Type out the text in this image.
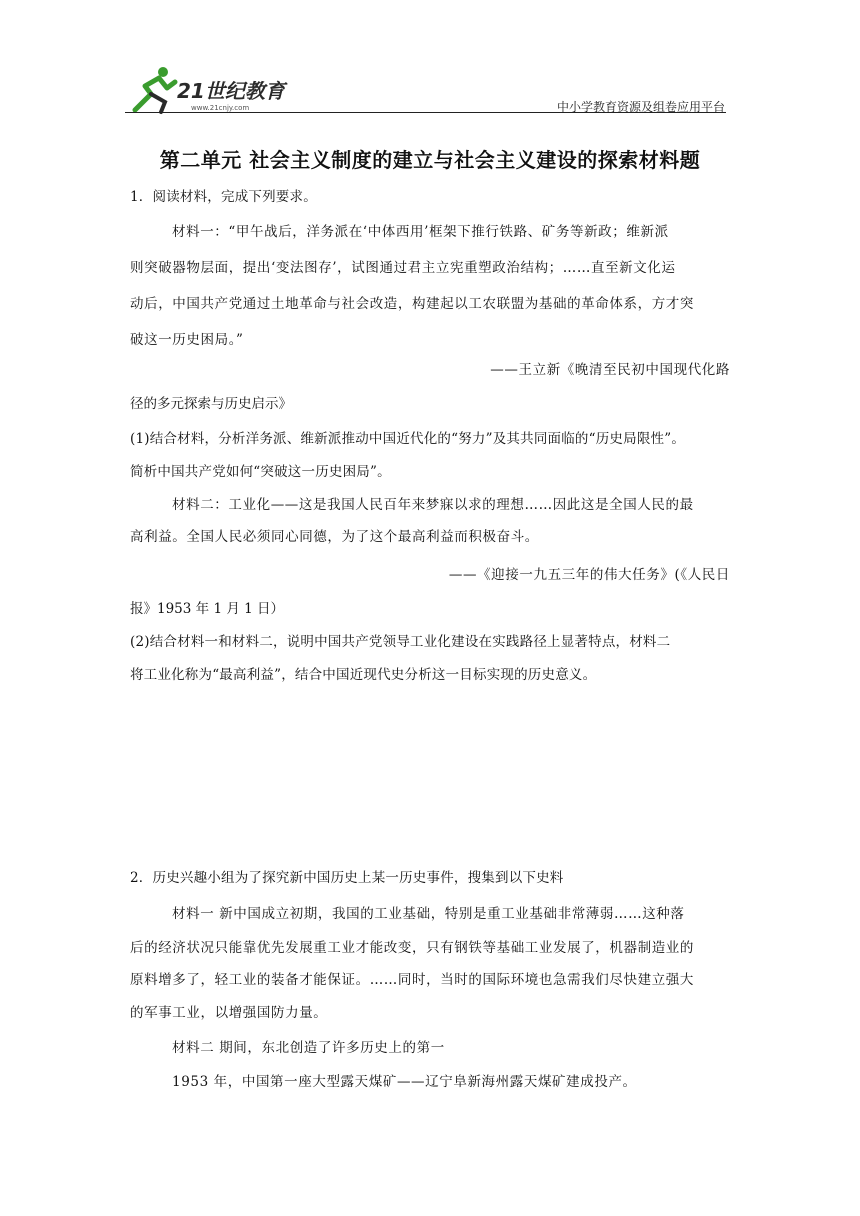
21世纪教育
www.21cnjy.com	中小学教育资源及组卷应用平台
第二单元 社会主义制度的建立与社会主义建设的探索材料题
1．阅读材料，完成下列要求。
材料一：“甲午战后，洋务派在‘中体西用’框架下推行铁路、矿务等新政；维新派
则突破器物层面，提出‘变法图存’，试图通过君主立宪重塑政治结构；……直至新文化运
动后，中国共产党通过土地革命与社会改造，构建起以工农联盟为基础的革命体系，方才突
破这一历史困局。”
——王立新《晚清至民初中国现代化路
径的多元探索与历史启示》
(1)结合材料，分析洋务派、维新派推动中国近代化的“努力”及其共同面临的“历史局限性”。
简析中国共产党如何“突破这一历史困局”。
材料二：工业化——这是我国人民百年来梦寐以求的理想……因此这是全国人民的最
高利益。全国人民必须同心同德，为了这个最高利益而积极奋斗。
——《迎接一九五三年的伟大任务》(《人民日
报》1953 年 1 月 1 日）
(2)结合材料一和材料二，说明中国共产党领导工业化建设在实践路径上显著特点，材料二
将工业化称为“最高利益”，结合中国近现代史分析这一目标实现的历史意义。
2．历史兴趣小组为了探究新中国历史上某一历史事件，搜集到以下史料
材料一 新中国成立初期，我国的工业基础，特别是重工业基础非常薄弱……这种落
后的经济状况只能靠优先发展重工业才能改变，只有钢铁等基础工业发展了，机器制造业的
原料增多了，轻工业的装备才能保证。……同时，当时的国际环境也急需我们尽快建立强大
的军事工业，以增强国防力量。
材料二 期间，东北创造了许多历史上的第一
1953 年，中国第一座大型露天煤矿——辽宁阜新海州露天煤矿建成投产。
